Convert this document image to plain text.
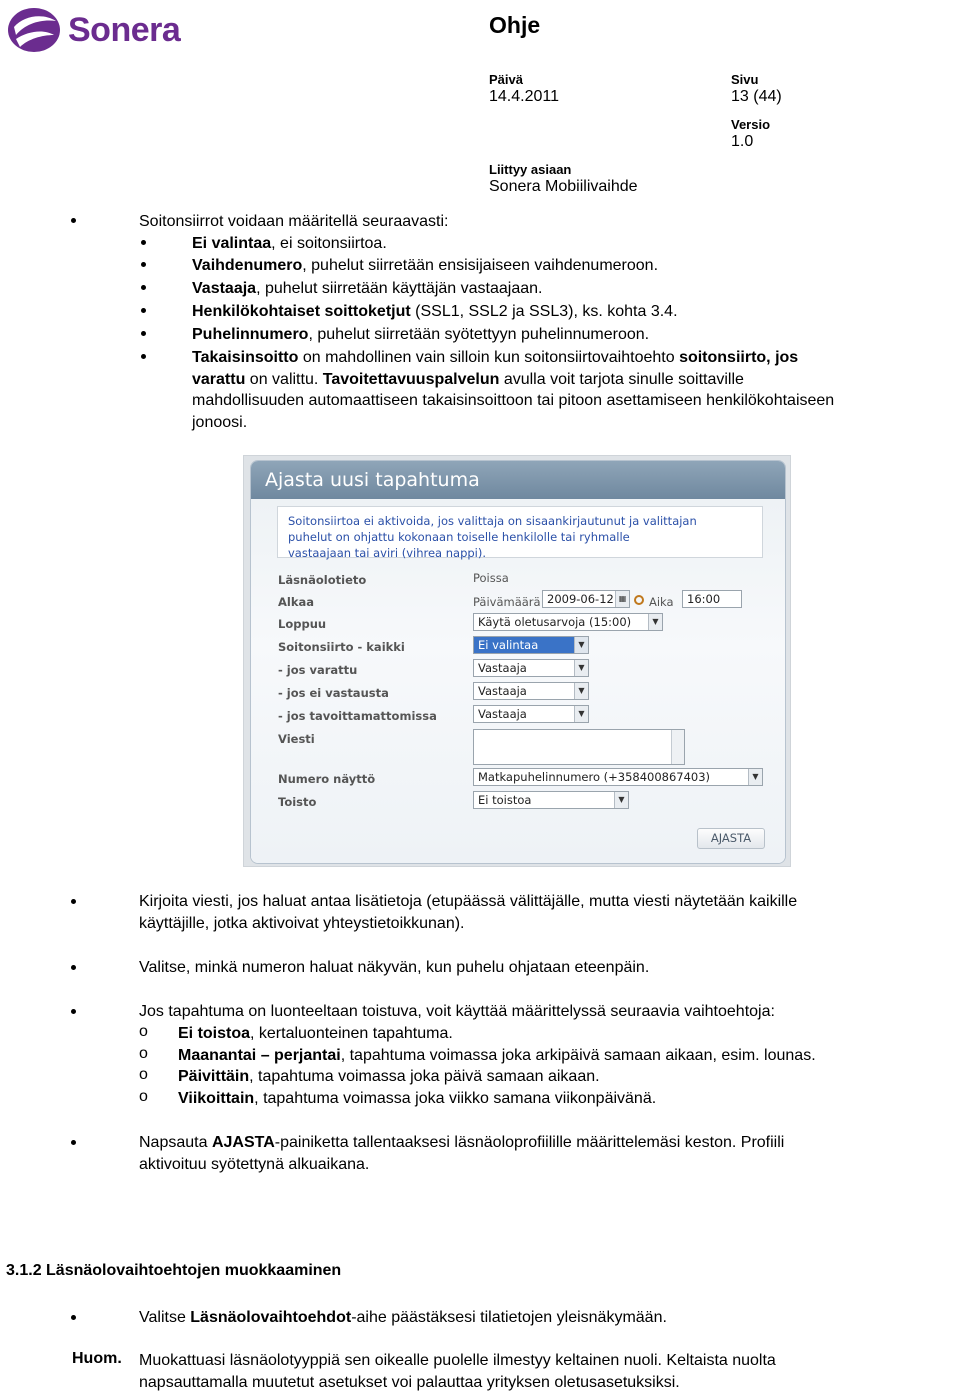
Sonera	Ohje
Päivä
14.4.2011
Sivu
13 (44)
Versio
1.0
Liittyy asiaan
Sonera Mobiilivaihde
Soitonsiirrot voidaan määritellä seuraavasti:
Ei valintaa, ei soitonsiirtoa.
Vaihdenumero, puhelut siirretään ensisijaiseen vaihdenumeroon.
Vastaaja, puhelut siirretään käyttäjän vastaajaan.
Henkilökohtaiset soittoketjut (SSL1, SSL2 ja SSL3), ks. kohta 3.4.
Puhelinnumero, puhelut siirretään syötettyyn puhelinnumeroon.
Takaisinsoitto on mahdollinen vain silloin kun soitonsiirtovaihtoehto soitonsiirto, jos
varattu on valittu. Tavoitettavuuspalvelun avulla voit tarjota sinulle soittaville
mahdollisuuden automaattiseen takaisinsoittoon tai pitoon asettamiseen henkilökohtaiseen
jonoosi.
Ajasta uusi tapahtuma
Soitonsiirtoa ei aktivoida, jos valittaja on sisaankirjautunut ja valittajan
puhelut on ohjattu kokonaan toiselle henkilolle tai ryhmalle
vastaajaan tai aviri (vihrea nappi).
Läsnäolotieto	Poissa
Alkaa	Päivämäärä 2009-06-12 ▦ Aika	16:00
Loppuu	Käytä oletusarvoja (15:00)	▼
Soitonsiirto - kaikki	Ei valintaa	▼
- jos varattu	Vastaaja	▼
- jos ei vastausta	Vastaaja	▼
- jos tavoittamattomissa	Vastaaja	▼
Viesti
Numero näyttö	Matkapuhelinnumero (+358400867403)	▼
Toisto	Ei toistoa	▼
AJASTA
Kirjoita viesti, jos haluat antaa lisätietoja (etupäässä välittäjälle, mutta viesti näytetään kaikille
käyttäjille, jotka aktivoivat yhteystietoikkunan).
Valitse, minkä numeron haluat näkyvän, kun puhelu ohjataan eteenpäin.
Jos tapahtuma on luonteeltaan toistuva, voit käyttää määrittelyssä seuraavia vaihtoehtoja:
o Ei toistoa, kertaluonteinen tapahtuma.
o Maanantai – perjantai, tapahtuma voimassa joka arkipäivä samaan aikaan, esim. lounas.
o Päivittäin, tapahtuma voimassa joka päivä samaan aikaan.
o Viikoittain, tapahtuma voimassa joka viikko samana viikonpäivänä.
Napsauta AJASTA-painiketta tallentaaksesi läsnäoloprofiilille määrittelemäsi keston. Profiili
aktivoituu syötettynä alkuaikana.
3.1.2 Läsnäolovaihtoehtojen muokkaaminen
Valitse Läsnäolovaihtoehdot-aihe päästäksesi tilatietojen yleisnäkymään.
Huom. Muokattuasi läsnäolotyyppiä sen oikealle puolelle ilmestyy keltainen nuoli. Keltaista nuolta
napsauttamalla muutetut asetukset voi palauttaa yrityksen oletusasetuksiksi.
